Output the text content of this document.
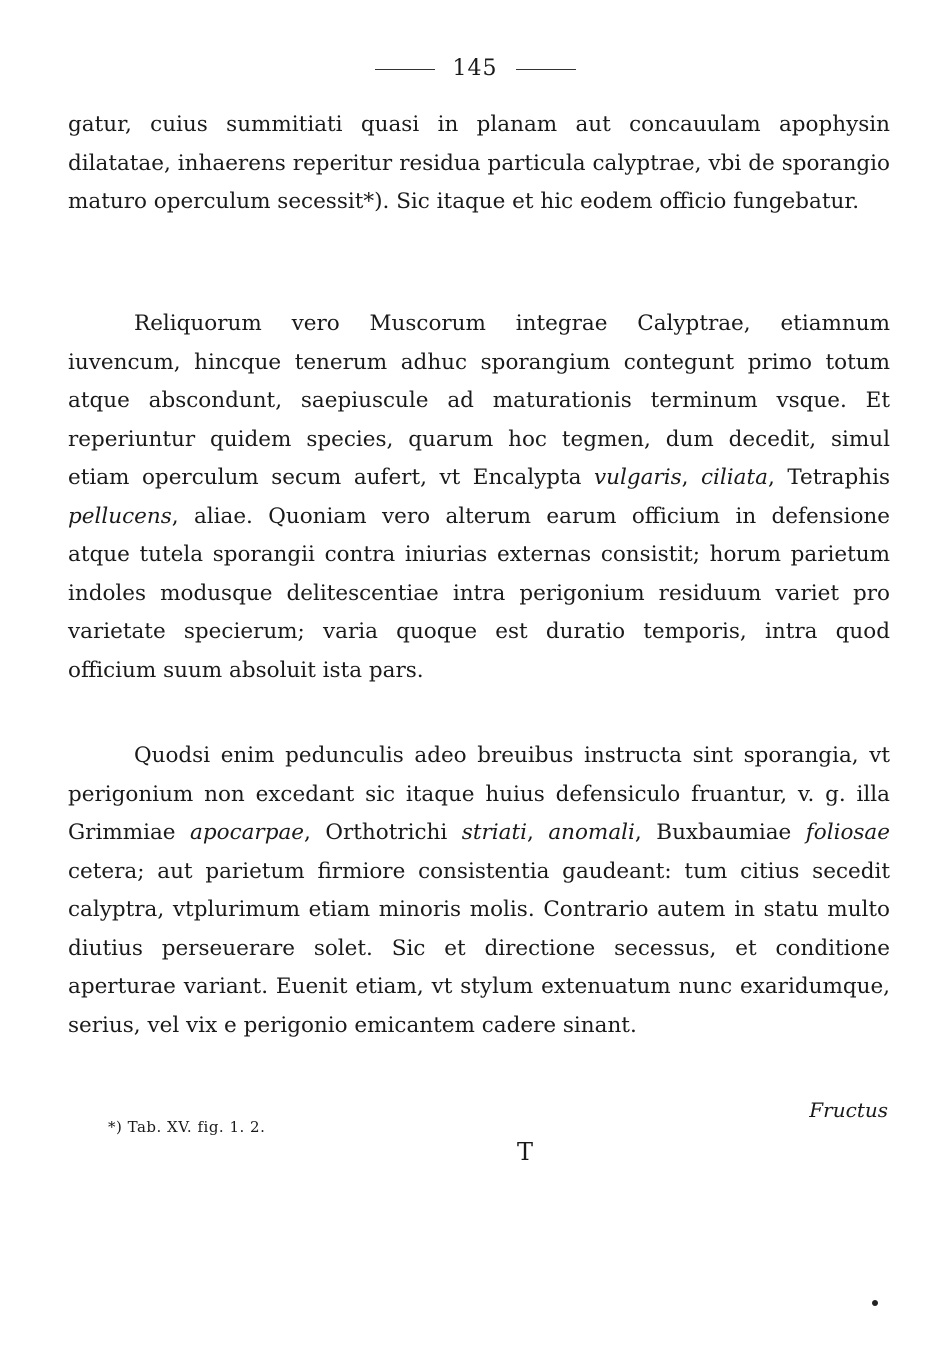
145
gatur, cuius summitiati quasi in planam aut concauulam apophysin dilatatae, inhaerens reperitur residua particula calyptrae, vbi de sporangio maturo operculum secessit*). Sic itaque et hic eodem officio fungebatur.
Reliquorum vero Muscorum integrae Calyptrae, etiamnum iuvencum, hincque tenerum adhuc sporangium contegunt primo totum atque abscondunt, saepiuscule ad maturationis terminum vsque. Et reperiuntur quidem species, quarum hoc tegmen, dum decedit, simul etiam operculum secum aufert, vt Encalypta vulgaris, ciliata, Tetraphis pellucens, aliae. Quoniam vero alterum earum officium in defensione atque tutela sporangii contra iniurias externas consistit; horum parietum indoles modusque delitescentiae intra perigonium residuum variet pro varietate specierum; varia quoque est duratio temporis, intra quod officium suum absoluit ista pars.
Quodsi enim pedunculis adeo breuibus instructa sint sporangia, vt perigonium non excedant sic itaque huius defensiculo fruantur, v. g. illa Grimmiae apocarpae, Orthotrichi striati, anomali, Buxbaumiae foliosae cetera; aut parietum firmiore consistentia gaudeant: tum citius secedit calyptra, vtplurimum etiam minoris molis. Contrario autem in statu multo diutius perseuerare solet. Sic et directione secessus, et conditione aperturae variant. Euenit etiam, vt stylum extenuatum nunc exaridumque, serius, vel vix e perigonio emicantem cadere sinant.
*) Tab. XV. fig. 1. 2.
Fructus
T
